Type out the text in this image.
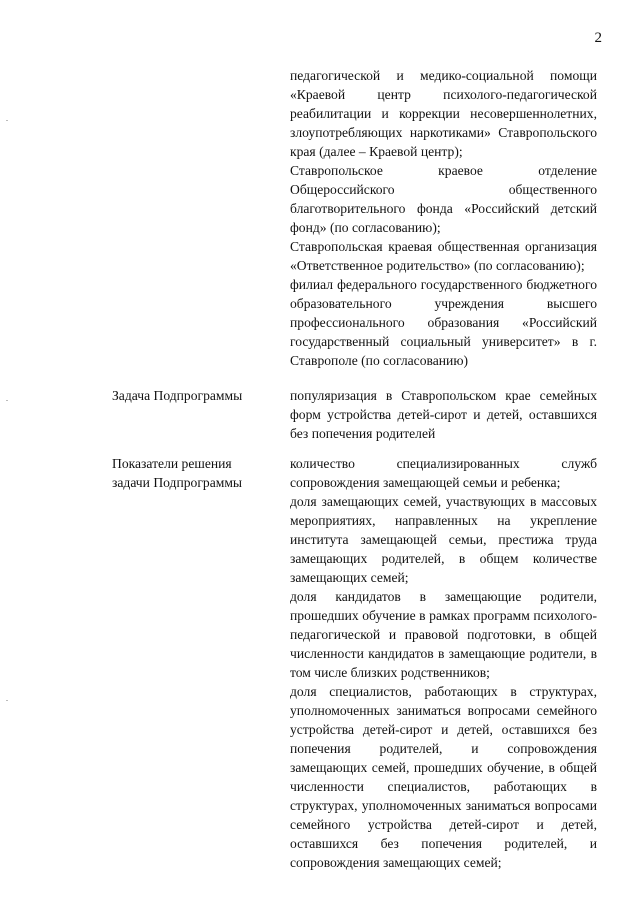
2

педагогической и медико-социальной помощи «Краевой центр психолого-педагогической реабилитации и коррекции несовершеннолетних, злоупотребляющих наркотиками» Ставропольского края (далее – Краевой центр);

Ставропольское краевое отделение Общероссийского общественного благотворительного фонда «Российский детский фонд» (по согласованию);

Ставропольская краевая общественная организация «Ответственное родительство» (по согласованию);

филиал федерального государственного бюджетного образовательного учреждения высшего профессионального образования «Российский государственный социальный университет» в г. Ставрополе (по согласованию)

Задача Подпрограммы	популяризация в Ставропольском крае семейных форм устройства детей-сирот и детей, оставшихся без попечения родителей

Показатели решения
задачи Подпрограммы

количество специализированных служб сопровождения замещающей семьи и ребенка;

доля замещающих семей, участвующих в массовых мероприятиях, направленных на укрепление института замещающей семьи, престижа труда замещающих родителей, в общем количестве замещающих семей;

доля кандидатов в замещающие родители, прошедших обучение в рамках программ психолого-педагогической и правовой подготовки, в общей численности кандидатов в замещающие родители, в том числе близких родственников;

доля специалистов, работающих в структурах, уполномоченных заниматься вопросами семейного устройства детей-сирот и детей, оставшихся без попечения родителей, и сопровождения замещающих семей, прошедших обучение, в общей численности специалистов, работающих в структурах, уполномоченных заниматься вопросами семейного устройства детей-сирот и детей, оставшихся без попечения родителей, и сопровождения замещающих семей;
